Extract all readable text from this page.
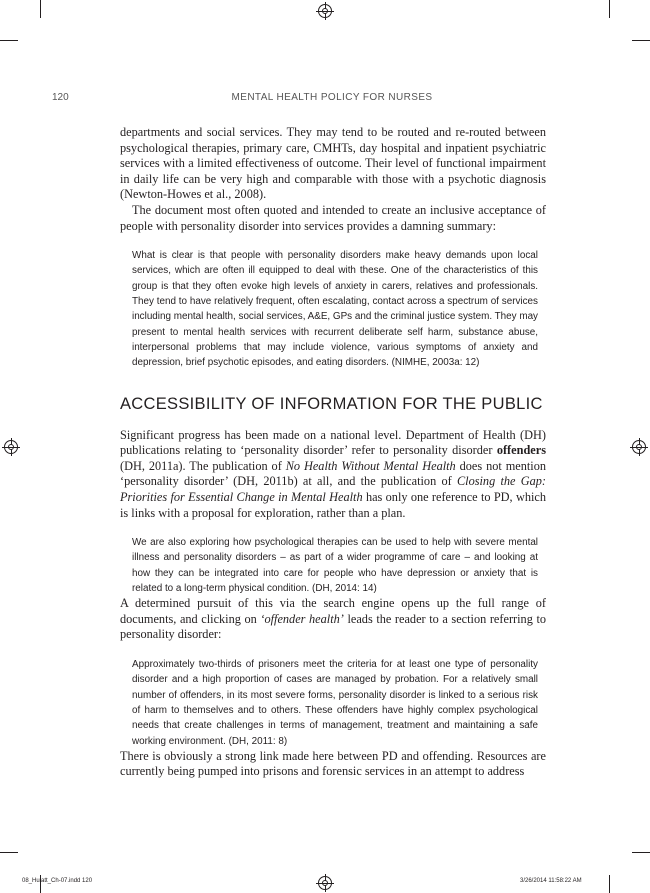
120	MENTAL HEALTH POLICY FOR NURSES

departments and social services. They may tend to be routed and re-routed between psychological therapies, primary care, CMHTs, day hospital and inpatient psychiatric services with a limited effectiveness of outcome. Their level of functional impairment in daily life can be very high and comparable with those with a psychotic diagnosis (Newton-Howes et al., 2008).

The document most often quoted and intended to create an inclusive acceptance of people with personality disorder into services provides a damning summary:

What is clear is that people with personality disorders make heavy demands upon local services, which are often ill equipped to deal with these. One of the characteristics of this group is that they often evoke high levels of anxiety in carers, relatives and professionals. They tend to have relatively frequent, often escalating, contact across a spectrum of services including mental health, social services, A&E, GPs and the criminal justice system. They may present to mental health services with recurrent deliberate self harm, substance abuse, interpersonal problems that may include violence, various symptoms of anxiety and depression, brief psychotic episodes, and eating disorders. (NIMHE, 2003a: 12)
ACCESSIBILITY OF INFORMATION FOR THE PUBLIC

Significant progress has been made on a national level. Department of Health (DH) publications relating to ‘personality disorder’ refer to personality disorder offenders (DH, 2011a). The publication of No Health Without Mental Health does not mention ‘personality disorder’ (DH, 2011b) at all, and the publication of Closing the Gap: Priorities for Essential Change in Mental Health has only one reference to PD, which is links with a proposal for exploration, rather than a plan.

We are also exploring how psychological therapies can be used to help with severe mental illness and personality disorders – as part of a wider programme of care – and looking at how they can be integrated into care for people who have depression or anxiety that is related to a long-term physical condition. (DH, 2014: 14)

A determined pursuit of this via the search engine opens up the full range of documents, and clicking on ‘offender health’ leads the reader to a section referring to personality disorder:

Approximately two-thirds of prisoners meet the criteria for at least one type of personality disorder and a high proportion of cases are managed by probation. For a relatively small number of offenders, in its most severe forms, personality disorder is linked to a serious risk of harm to themselves and to others. These offenders have highly complex psychological needs that create challenges in terms of management, treatment and maintaining a safe working environment. (DH, 2011: 8)

There is obviously a strong link made here between PD and offending. Resources are currently being pumped into prisons and forensic services in an attempt to address

08_Hulatt_Ch-07.indd 120	3/26/2014 11:58:22 AM
